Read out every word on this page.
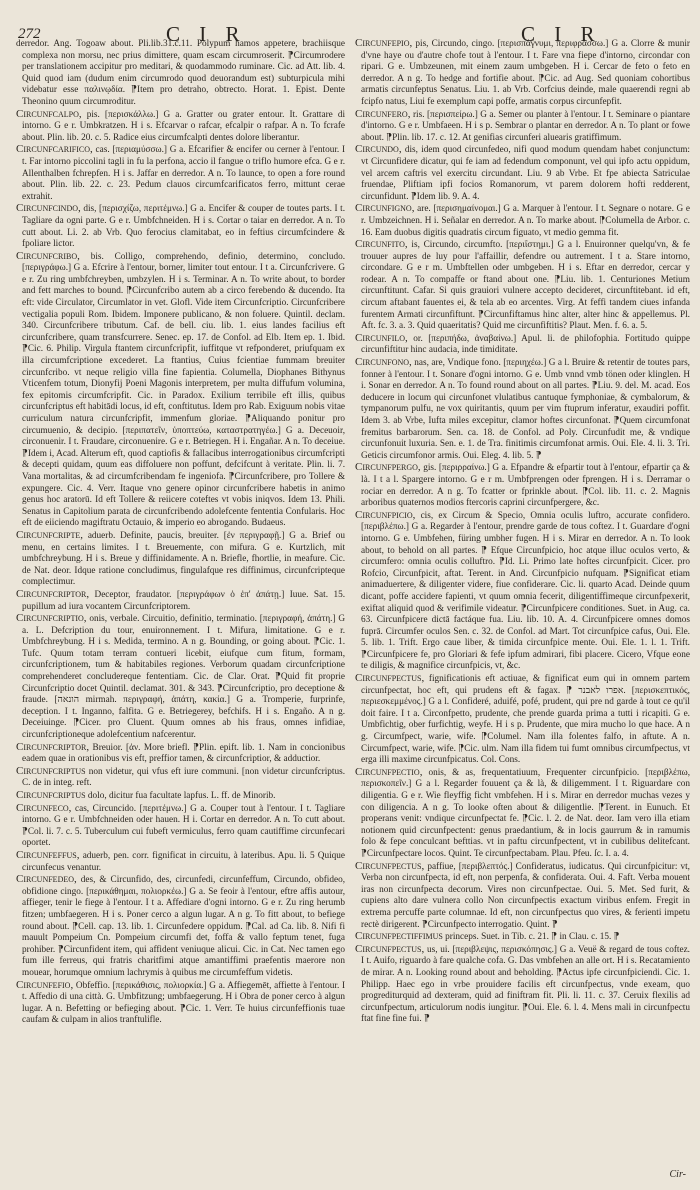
272	C I R	C I R

derredor. Ang. Togoaw about. Pli.lib.31.c.11. Polypum hamos appetere, brachiisque complexa non morsu, nec prius dimittere, quam escam circumroserit. ⁋Circumrodere per translationem accipitur pro meditari, & quodammodo ruminare. Cic. ad Att. lib. 4. Quid quod iam (dudum enim circumrodo quod deuorandum est) subturpicula mihi videbatur esse παλινῳδία. ⁋Item pro detraho, obtrecto. Horat. 1. Epist. Dente Theonino quum circumroditur.

Circunfcalpo, pis. [περισκάλλω.] G a. Gratter ou grater entour. It. Grattare di intorno. G e r. Umbkratzen. H i s. Efcarvar o rafcar, efcalpir o rafpar. A n. To fcrafe about. Plin. lib. 20. c. 5. Radice eius circumfcalpti dentes dolore liberantur.

Circunfcarifico, cas. [περιαμύσσω.] G a. Efcarifier & encifer ou cerner à l'entour. I t. Far intorno piccolini tagli in fu la perfona, accio il fangue o triflo humore efca. G e r. Allenthalben fchrepfen. H i s. Jaffar en derredor. A n. To launce, to open a fore round about. Plin. lib. 22. c. 23. Pedum clauos circumfcarificatos ferro, mittunt cerae extrahit.

Circunfcindo, dis, [περισχίζω, περιτέμνω.] G a. Encifer & couper de toutes parts. I t. Tagliare da ogni parte. G e r. Umbfchneiden. H i s. Cortar o taiar en derredor. A n. To cutt about. Li. 2. ab Vrb. Quo ferocius clamitabat, eo in feftius circumfcindere & fpoliare lictor.

Circunfcribo, bis. Colligo, comprehendo, definio, determino, concludo. [περιγράφω.] G a. Efcrire à l'entour, borner, limiter tout entour. I t a. Circunfcrivere. G e r. Zu ring umbfchreyben, umbzylen. H i s. Terminar. A n. To write about, to border and fett marches to bound. ⁋Circunfcribo autem ab a circo ferebendo & ducendo. Ita eft: vide Circulator, Circumlator in vet. Glofl. Vide item Circunfcriptio. Circunfcribere vectigalia populi Rom. Ibidem. Imponere publicano, & non foluere. Quintil. declam. 340. Circunfcribere tributum. Caf. de bell. ciu. lib. 1. eius landes facilius eft circunfcribere, quam transfcurrere. Senec. ep. 17. de Confol. ad Elb. Item ep. 1. Ibid. ⁋Cic. 6. Philip. Virgula ftantem circunfcripfit, iuffitque vt refponderet, priufquam ex illa circumfcriptione excederet. La ftantius, Cuius fcientiae fummam breuiter circunfcribo. vt neque religio villa fine fapientia. Columella, Diophanes Bithynus Vticenfem totum, Dionyfij Poeni Magonis interpretem, per multa diffufum volumina, fex epitomis circumfcripfit. Cic. in Paradox. Exilium terribile eft illis, quibus circunfcriptus eft habitādi locus, id eft, conftitutus. Idem pro Rab. Exiguum nobis vitae curriculum natura circunfcripfit, immenfum gloriae. ⁋Aliquando ponitur pro circumuenio, & decipio. [περιπατεῖν, ὑποπτεύω, καταστρατηγέω.] G a. Deceuoir, circonuenir. I t. Fraudare, circonuenire. G e r. Betriegen. H i. Engañar. A n. To deceiue. ⁋Idem i, Acad. Alterum eft, quod captiofis & fallacibus interrogationibus circumfcripti & decepti quidam, quum eas diffoluere non poffunt, defcifcunt à veritate. Plin. li. 7. Vana mortalitas, & ad circumfcribendam fe ingeniofa. ⁋Circunfcribere, pro Tollere & expungere. Cic. 4. Verr. Itaque vno genere opinor circunfcribere habetis in animo genus hoc aratorū. Id eft Tollere & reiicere coteftes vt vobis iniqvos. Idem 13. Phili. Senatus in Capitolium parata de circunfcribendo adolefcente fententia Confularis. Hoc eft de eiiciendo magiftratu Octauio, & imperio eo abrogando. Budaeus.

Circunfcripte, aduerb. Definite, paucis, breuiter. [ἐν περιγραφῇ.] G a. Brief ou menu, en certains limites. I t. Breuemente, con mifura. G e. Kurtzlich, mit umbfchreybung. H i s. Breue y diffinidamente. A n. Briefle, fhortlie, in meafure. Cic. de Nat. deor. Idque ratione concludimus, fingulafque res diffinimus, circunfcripteque complectimur.

Circunfcriptor, Deceptor, fraudator. [περιγράφων ὁ ἐπ' ἀπάτῃ.] Iuue. Sat. 15. pupillum ad iura vocantem Circunfcriptorem.

Circunfcriptio, onis, verbale. Circuitio, definitio, terminatio. [περιγραφή, ἀπάτη.] G a. L. Defcription du tour, enuironnement. I t. Mifura, limitatione. G e r. Umbfchreybung. H i s. Medida, termino. A n g. Bounding, or going about. ⁋Cic. 1. Tufc. Quum totam terram contueri licebit, eiufque cum fitum, formam, circunfcriptionem, tum & habitabiles regiones. Verborum quadam circunfcriptione comprehenderet concludereque fententiam. Cic. de Clar. Orat. ⁋Quid fit proprie Circunfcriptio docet Quintil. declamat. 301. & 343. ⁋Circunfcriptio, pro deceptione & fraude. [הונאה mirmah. περιγραφή, ἀπάτη, κακία.] G a. Tromperie, furprinfe, deception. I t. Inganno, falfita. G e. Betriegerey, befchifs. H i s. Engaño. A n g. Deceiuinge. ⁋Cicer. pro Cluent. Quum omnes ab his fraus, omnes infidiae, circunfcriptioneque adolefcentium nafcerentur.

Circunfcriptor, Breuior. [ἀν. More briefl. ⁋Plin. epift. lib. 1. Nam in concionibus eadem quae in orationibus vis eft, preffior tamen, & circunfcriptior, & adductior.

Circunfcriptus non videtur, qui vfus eft iure communi. [non videtur circunfcriptus. C. de in integ. reft.

Circunfcriptus dolo, dicitur fua facultate lapfus. L. ff. de Minorib.

Circunfeco, cas, Circuncido. [περιτέμνω.] G a. Couper tout à l'entour. I t. Tagliare intorno. G e r. Umbfchneiden oder hauen. H i. Cortar en derredor. A n. To cutt about. ⁋Col. li. 7. c. 5. Tuberculum cui fubeft vermiculus, ferro quam cautiffime circunfecari oportet.

Circunfeffus, aduerb, pen. corr. fignificat in circuitu, à lateribus. Apu. li. 5 Quique circunfecus venantur.

Circunfedeo, des, & Circunfido, des, circunfedi, circunfeffum, Circundo, obfideo, obfidione cingo. [περικάθημαι, πολιορκέω.] G a. Se feoir à l'entour, eftre affis autour, affieger, tenir le fiege à l'entour. I t a. Affediare d'ogni intorno. G e r. Zu ring herumb fitzen; umbfaegeren. H i s. Poner cerco a algun lugar. A n g. To fitt about, to befiege round about. ⁋Cell. cap. 13. lib. 1. Circunfedere oppidum. ⁋Cal. ad Ca. lib. 8. Nifi fi mauult Pompeium Cn. Pompeium circumfi det, foffa & vallo feptum tenet, fuga prohiber. ⁋Circunfident item, qui affident veniuque alicui. Cic. in Cat. Nec tamen ego fum ille ferreus, qui fratris charitfimi atque amantiffimi praefentis maerore non mouear, horumque omnium lachrymis à quibus me circumfeffum videtis.

Circunfefio, Obfeffio. [περικάθισις, πολιορκία.] G a. Affiegemēt, affiette à l'entour. I t. Affedio di una città. G. Umbfitzung; umbfaegerung. H i Obra de poner cerco à algun lugar. A n. Befetting or befieging about. ⁋Cic. 1. Verr. Te huius circunfeffionis tuae caufam & culpam in alios tranftulifle.

Circunfepio, pis, Circundo, cingo. [περισπάγνυμι, περιφράσσω.] G a. Clorre & munir d'vne haye ou d'autre chofe tout à l'entour. I t. Fare vna fiepe d'intorno, circondar con ripari. G e. Umbzeunen, mit einem zaum umbgeben. H i. Cercar de feto o feto en derredor. A n g. To hedge and fortifie about. ⁋Cic. ad Aug. Sed quoniam cohortibus armatis circunfeptus Senatus. Liu. 1. ab Vrb. Corfcius deinde, male quaerendi regni ab fcipfo natus, Liui fe exemplum capi poffe, armatis corpus circunfepfit.

Circunfero, ris. [περισπείρω.] G a. Semer ou planter à l'entour. I t. Seminare o piantare d'intorno. G e r. Umbfaeen. H i s p. Sembrar o plantar en derredor. A n. To plant or fowe about. ⁋Plin. lib. 17. c. 12. At genifias circunferi aluearis gratiffimum.

Circundo, dis, idem quod circunfedeo, nifi quod modum quendam habet conjunctum: vt Circunfidere dicatur, qui fe iam ad fedendum componunt, vel qui ipfo actu oppidum, vel arcem caftris vel exercitu circundant. Liu. 9 ab Vrbe. Et fpe abiecta Satriculae fruendae, Pliftiam ipfi focios Romanorum, vt parem dolorem hofti redderent, circunfidunt. ⁋Idem lib. 9. A. 4.

Circunfigno, are. [περισημαίνομαι.] G a. Marquer à l'entour. I t. Segnare o notare. G e r. Umbzeichnen. H i. Señalar en derredor. A n. To marke about. ⁋Columella de Arbor. c. 16. Eam duobus digitis quadratis circum figuato, vt medio gemma fit.

Circunfito, is, Circundo, circumfto. [περιΐστημι.] G a l. Enuironner quelqu'vn, & fe trouuer aupres de luy pour l'affaillir, defendre ou autrement. I t a. Stare intorno, circondare. G e r m. Umbftellen oder umbgeben. H i s. Eftar en derredor, cercar y rodear. A n. To compaffe or ftand about one. ⁋Liu. lib. 1. Centuriones Metium circunftitunt. Cafar. Si quis grauiori vulnere accepto decideret, circunftitebant. id eft, circum aftabant fauentes ei, & tela ab eo arcentes. Virg. At feffi tandem ciues infanda furentem Armati circunfiftunt. ⁋Circunfiftamus hinc alter, alter hinc & appellemus. Pl. Aft. fc. 3. a. 3. Quid quaeritatis? Quid me circunfiftitis? Plaut. Men. f. 6. a. 5.

Circunfilo, or. [περιπήδω, ἀναβαίνω.] Apul. li. de philofophia. Fortitudo quippe circunfiftitur hinc audacia, inde timiditate.

Circunfono, nas, are, Vndique fono. [περιηχέω.] G a l. Bruire & retentir de toutes pars, fonner à l'entour. I t. Sonare d'ogni intorno. G e. Umb vnnd vmb tönen oder klinglen. H i. Sonar en derredor. A n. To found round about on all partes. ⁋Liu. 9. del. M. acad. Eos deducere in locum qui circunfonet vlulatibus cantuque fymphoniae, & cymbalorum, & tympanorum pulfu, ne vox quiritantis, quum per vim ftuprum inferatur, exaudiri poffit. Idem 3. ab Vrbe, Iufta miles excepitur, clamor hoftes circunfonat. ⁋Quem circumfonat fremitus barbarorum. Sen. ca. 18. de Confol. ad Poly. Circunfudit me, & vndique circunfonuit luxuria. Sen. e. 1. de Tra. finitimis circumfonat armis. Oui. Ele. 4. li. 3. Tri. Geticis circumfonor armis. Oui. Eleg. 4. lib. 5. ⁋

Circunfpergo, gis. [περιρραίνω.] G a. Efpandre & efpartir tout à l'entour, efpartir ça & là. I t a l. Spargere intorno. G e r m. Umbfprengen oder fprengen. H i s. Derramar o rociar en derredor. A n g. To fcatter or fprinkle about. ⁋Col. lib. 11. c. 2. Magnis arboribus quaternos modios ftercoris caprini circunfpergere, &c.

Circunfpicio, cis, ex Circum & Specio, Omnia oculis luftro, accurate confidero. [περιβλέπω.] G a. Regarder à l'entour, prendre garde de tous coftez. I t. Guardare d'ogni intorno. G e. Umbfehen, füring umbher fugen. H i s. Mirar en derredor. A n. To look about, to behold on all partes. ⁋ Efque Circunfpicio, hoc atque illuc oculos verto, & circumfero: omnia oculis colluftro. ⁋Id. Li. Primo late hoftes circunfpicit. Cicer. pro Rofcio, Circunfpicit, aftat. Terent. in And. Circunfpicio nufquam. ⁋Significat etiam animaduertere, & diligenter videre, fiue confiderare. Cic. li. quarto Acad. Deinde quum dicant, poffe accidere fapienti, vt quum omnia fecerit, diligentiffimeque circunfpexerit, exiftat aliquid quod & verifimile videatur. ⁋Circunfpicere conditiones. Suet. in Aug. ca. 63. Circunfpicere dictā factáque fua. Liu. lib. 10. A. 4. Circunfpicere omnes domos fuprā. Circumfer oculos Sen. c. 32. de Confol. ad Mart. Tot circunfpice cafus, Oui. Ele. 5. lib. 1. Trift. Ergo caue liber, & timida circunfpice mente. Oui. Ele. 1. l. 1. Trift. ⁋Circunfpicere fe, pro Gloriari & fefe ipfum admirari, fibi placere. Cicero, Vfque eone te diligis, & magnifice circunfpicis, vt, &c.

Circunfpectus, fignificationis eft actiuae, & fignificat eum qui in omnem partem circunfpectat, hoc eft, qui prudens eft & fagax. ⁋ אפרו לאבנר. [περισκεπτικός, περιεσκεμμένος.] G a l. Confideré, aduifé, pofé, prudent, qui pre nd garde à tout ce qu'il doit faire. I t a. Circonfpetto, prudente, che prende guarda prima a tutti i ricapiti. G e. Umbfichtig, ober furfichtig, weyfe. H i s p. Prudente, que mira mucho lo que hace. A n g. Circumfpect, warie, wife. ⁋Columel. Nam illa folentes falfo, in aftute. A n. Circumfpect, warie, wife. ⁋Cic. ulm. Nam illa fidem tui fumt omnibus circumfpectus, vt erga illi maxime circunfpicatus. Col. Cons.

Circunfpectio, onis, & as, frequentatiuum, Frequenter circunfpicio. [περιβλέπω, περισκοπεῖν.] G a l. Regarder fouuent ça & là, & diligemment. I t. Riguardare con diligentia. G e r. Wie fleyffig ficht vmbfehen. H i s. Mirar en derredor muchas vezes y con diligencia. A n g. To looke often about & diligentlie. ⁋Terent. in Eunuch. Et properans venit: vndique circunfpectat fe. ⁋Cic. l. 2. de Nat. deor. Iam vero illa etiam notionem quid circunfpectent: genus praedantium, & in locis gaurrum & in ramumis folo & fepe conculcant befttias. vt in paftu circunfpectent, vt in cubilibus delitefcant. ⁋Circunfpectare locos. Quint. Te circunfpectabam. Plau. Pfeu. ſc. I. a. 4.

Circunfpectus, paffiue, [περιβλεπτός.] Confideratus, iudicatus. Qui circunfpicitur: vt, Verba non circunfpecta, id eft, non perpenfa, & confiderata. Oui. 4. Faft. Verba mouent iras non circunfpecta decorum. Vires non circunfpectae. Oui. 5. Met. Sed furit, & cupiens alto dare vulnera collo Non circunfpectis exactum viribus enfem. Fregit in extrema percuffe parte columnae. Id eft, non circunfpectus quo vires, & ferienti impetu rectè dirigerent. ⁋Circunfpecto interrogatio. Quint. ⁋

Circunfpectiffimus princeps. Suet. in Tib. c. 21. ⁋ in Clau. c. 15. ⁋

Circunfpectus, us, ui. [περιβλεψις, περισκόπησις.] G a. Veuë & regard de tous coftez. I t. Auifo, riguardo à fare qualche cofa. G. Das vmbfehen an alle ort. H i s. Recatamiento de mirar. A n. Looking round about and beholding. ⁋Actus ipfe circunfpiciendi. Cic. 1. Philipp. Haec ego in vrbe prouidere facilis eft circunfpectus, vnde exeam, quo progrediturquid ad dexteram, quid ad finiftram fit. Pli. li. 11. c. 37. Ceruix flexilis ad circunfpectum, articulorum nodis iungitur. ⁋Oui. Ele. 6. l. 4. Mens mali in circunfpectu ftat fine fine fui. ⁋

Cir-
